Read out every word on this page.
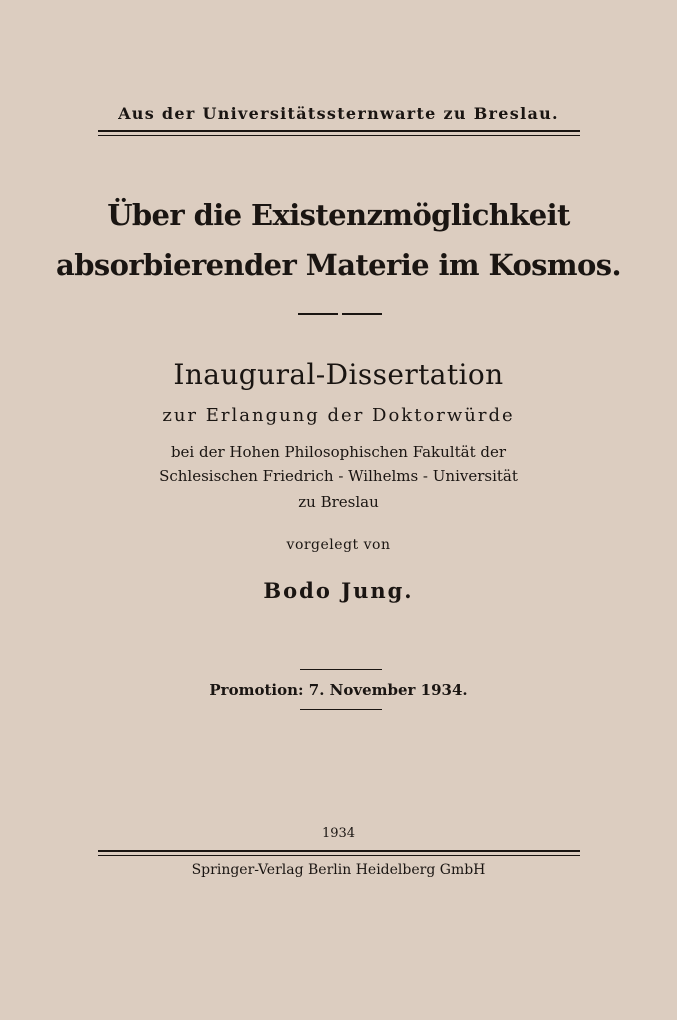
Aus der Universitätssternwarte zu Breslau.
Über die Existenzmöglichkeit
absorbierender Materie im Kosmos.
Inaugural-Dissertation
zur Erlangung der Doktorwürde
bei der Hohen Philosophischen Fakultät der
Schlesischen Friedrich - Wilhelms - Universität
zu Breslau
vorgelegt von
Bodo Jung.
Promotion: 7. November 1934.
1934
Springer-Verlag Berlin Heidelberg GmbH
